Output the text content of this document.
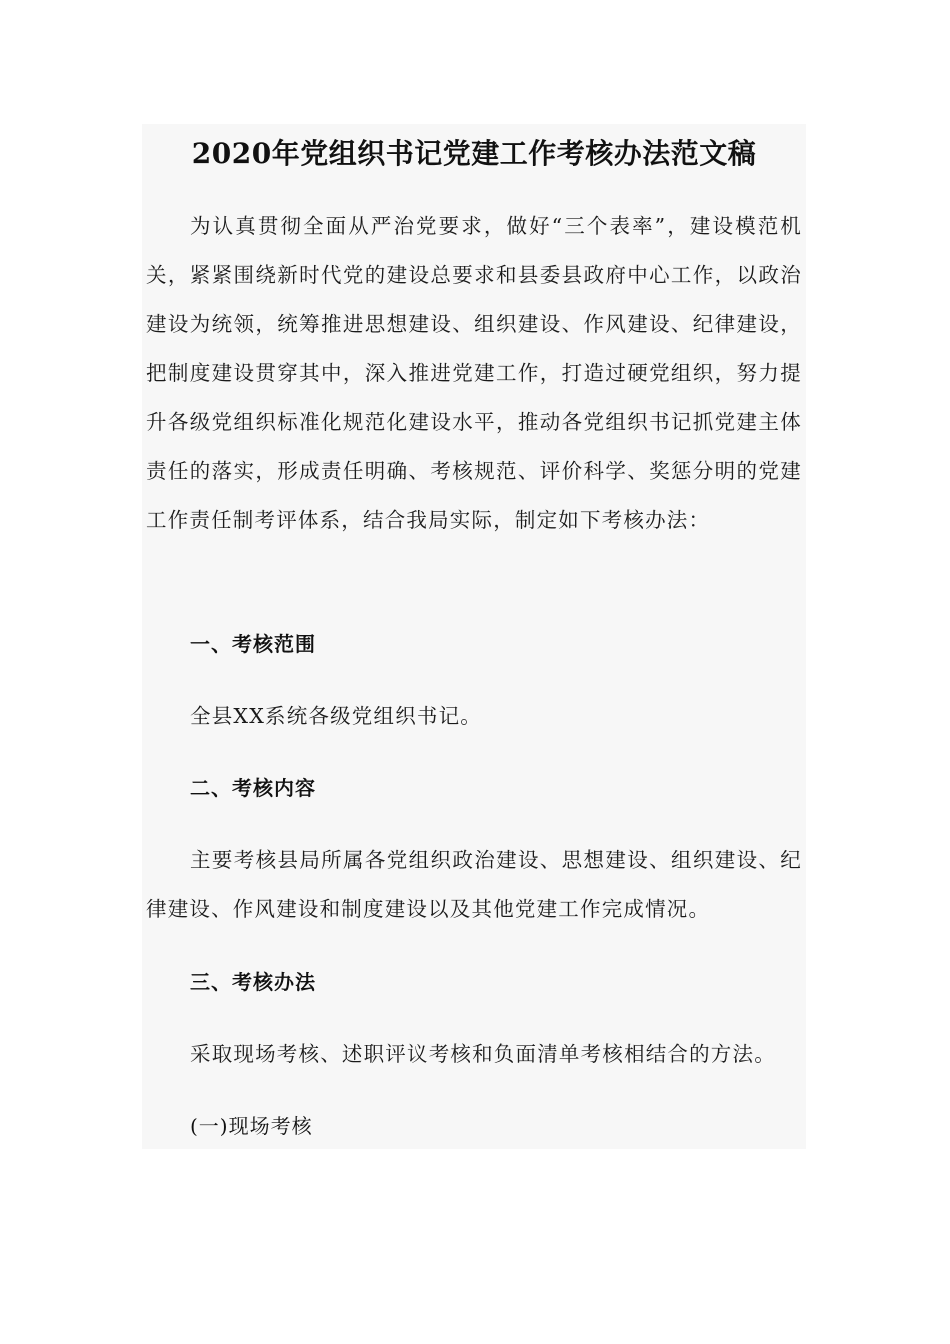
2020年党组织书记党建工作考核办法范文稿

为认真贯彻全面从严治党要求，做好“三个表率”，建设模范机关，紧紧围绕新时代党的建设总要求和县委县政府中心工作，以政治建设为统领，统筹推进思想建设、组织建设、作风建设、纪律建设，把制度建设贯穿其中，深入推进党建工作，打造过硬党组织，努力提升各级党组织标准化规范化建设水平，推动各党组织书记抓党建主体责任的落实，形成责任明确、考核规范、评价科学、奖惩分明的党建工作责任制考评体系，结合我局实际，制定如下考核办法：

一、考核范围

全县XX系统各级党组织书记。

二、考核内容

主要考核县局所属各党组织政治建设、思想建设、组织建设、纪律建设、作风建设和制度建设以及其他党建工作完成情况。

三、考核办法

采取现场考核、述职评议考核和负面清单考核相结合的方法。

(一)现场考核
